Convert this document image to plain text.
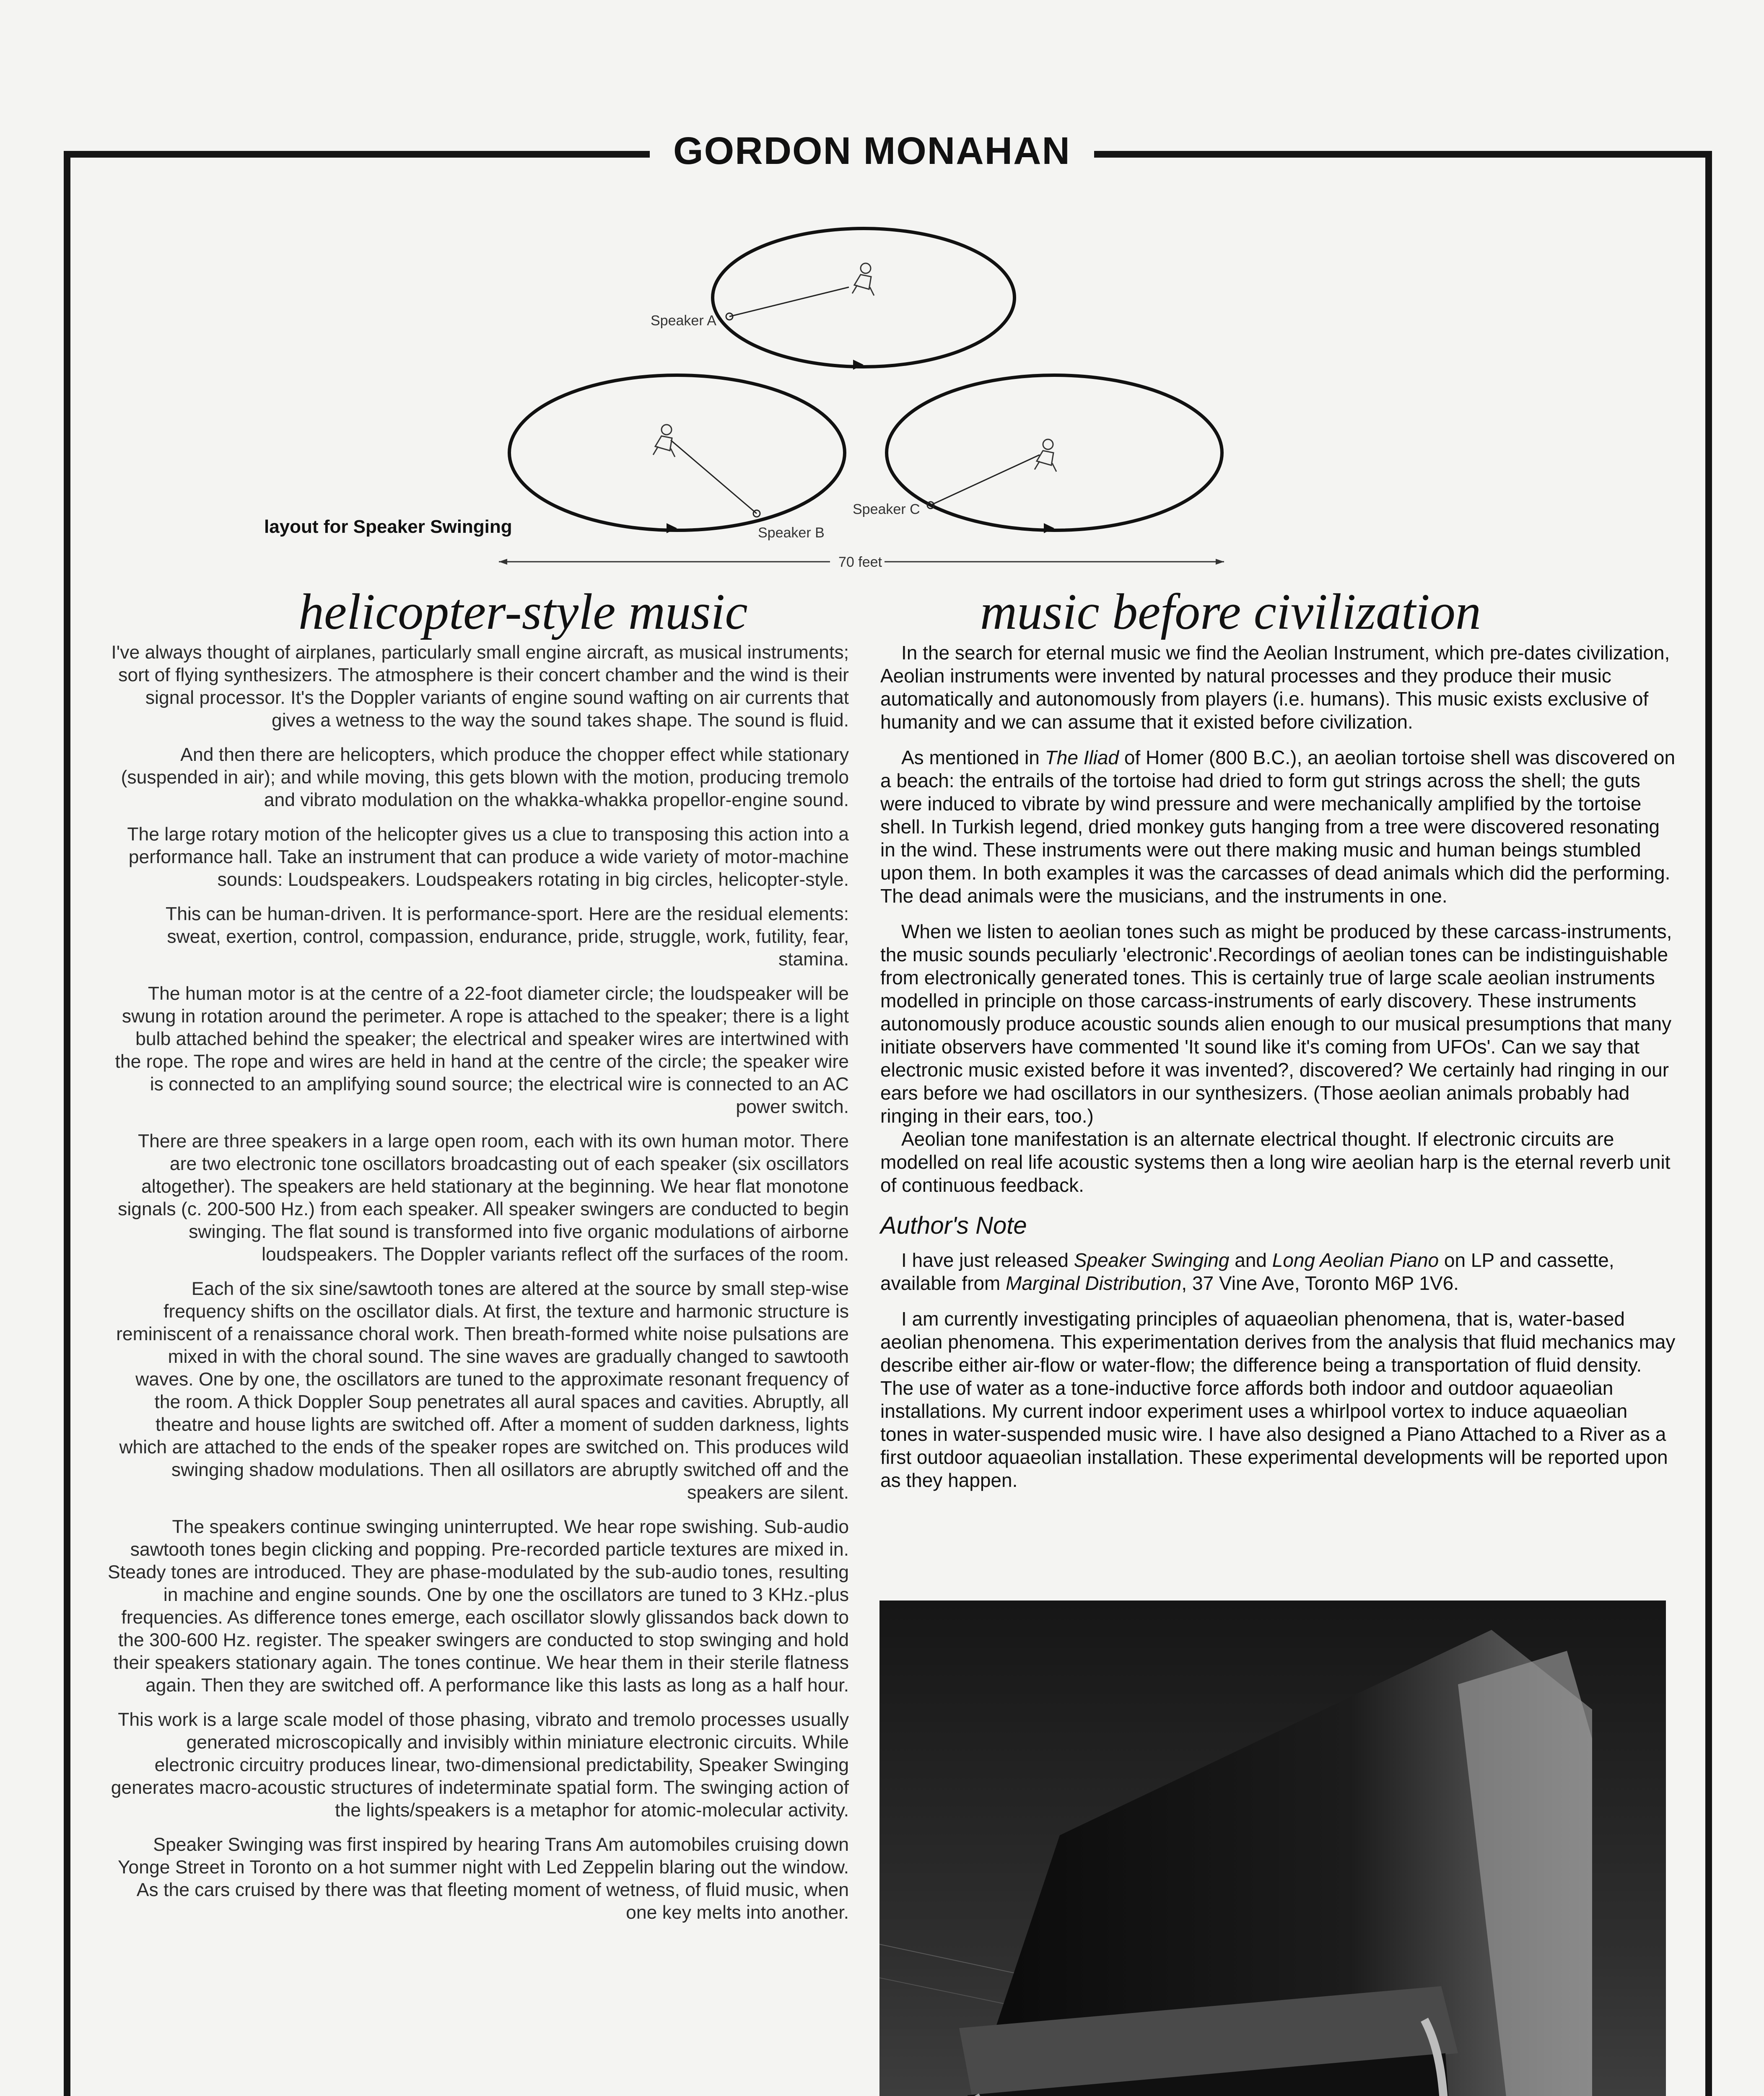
GORDON MONAHAN
Speaker A
Speaker B
Speaker C
70 feet
layout for Speaker Swinging
helicopter-style music	music before civilization

I've always thought of airplanes, particularly small engine aircraft, as musical instruments; sort of flying synthesizers. The atmosphere is their concert chamber and the wind is their signal processor. It's the Doppler variants of engine sound wafting on air currents that gives a wetness to the way the sound takes shape. The sound is fluid.

And then there are helicopters, which produce the chopper effect while stationary (suspended in air); and while moving, this gets blown with the motion, producing tremolo and vibrato modulation on the whakka-whakka propellor-engine sound.

The large rotary motion of the helicopter gives us a clue to transposing this action into a performance hall. Take an instrument that can produce a wide variety of motor-machine sounds: Loudspeakers. Loudspeakers rotating in big circles, helicopter-style.

This can be human-driven. It is performance-sport. Here are the residual elements: sweat, exertion, control, compassion, endurance, pride, struggle, work, futility, fear, stamina.

The human motor is at the centre of a 22-foot diameter circle; the loudspeaker will be swung in rotation around the perimeter. A rope is attached to the speaker; there is a light bulb attached behind the speaker; the electrical and speaker wires are intertwined with the rope. The rope and wires are held in hand at the centre of the circle; the speaker wire is connected to an amplifying sound source; the electrical wire is connected to an AC power switch.

There are three speakers in a large open room, each with its own human motor. There are two electronic tone oscillators broadcasting out of each speaker (six oscillators altogether). The speakers are held stationary at the beginning. We hear flat monotone signals (c. 200-500 Hz.) from each speaker. All speaker swingers are conducted to begin swinging. The flat sound is transformed into five organic modulations of airborne loudspeakers. The Doppler variants reflect off the surfaces of the room.

Each of the six sine/sawtooth tones are altered at the source by small step-wise frequency shifts on the oscillator dials. At first, the texture and harmonic structure is reminiscent of a renaissance choral work. Then breath-formed white noise pulsations are mixed in with the choral sound. The sine waves are gradually changed to sawtooth waves. One by one, the oscillators are tuned to the approximate resonant frequency of the room. A thick Doppler Soup penetrates all aural spaces and cavities. Abruptly, all theatre and house lights are switched off. After a moment of sudden darkness, lights which are attached to the ends of the speaker ropes are switched on. This produces wild swinging shadow modulations. Then all osillators are abruptly switched off and the speakers are silent.

The speakers continue swinging uninterrupted. We hear rope swishing. Sub-audio sawtooth tones begin clicking and popping. Pre-recorded particle textures are mixed in. Steady tones are introduced. They are phase-modulated by the sub-audio tones, resulting in machine and engine sounds. One by one the oscillators are tuned to 3 KHz.-plus frequencies. As difference tones emerge, each oscillator slowly glissandos back down to the 300-600 Hz. register. The speaker swingers are conducted to stop swinging and hold their speakers stationary again. The tones continue. We hear them in their sterile flatness again. Then they are switched off. A performance like this lasts as long as a half hour.

This work is a large scale model of those phasing, vibrato and tremolo processes usually generated microscopically and invisibly within miniature electronic circuits. While electronic circuitry produces linear, two-dimensional predictability, Speaker Swinging generates macro-acoustic structures of indeterminate spatial form. The swinging action of the lights/speakers is a metaphor for atomic-molecular activity.

Speaker Swinging was first inspired by hearing Trans Am automobiles cruising down Yonge Street in Toronto on a hot summer night with Led Zeppelin blaring out the window. As the cars cruised by there was that fleeting moment of wetness, of fluid music, when one key melts into another.

In the search for eternal music we find the Aeolian Instrument, which pre-dates civilization, Aeolian instruments were invented by natural processes and they produce their music automatically and autonomously from players (i.e. humans). This music exists exclusive of humanity and we can assume that it existed before civilization.

As mentioned in The Iliad of Homer (800 B.C.), an aeolian tortoise shell was discovered on a beach: the entrails of the tortoise had dried to form gut strings across the shell; the guts were induced to vibrate by wind pressure and were mechanically amplified by the tortoise shell. In Turkish legend, dried monkey guts hanging from a tree were discovered resonating in the wind. These instruments were out there making music and human beings stumbled upon them. In both examples it was the carcasses of dead animals which did the performing. The dead animals were the musicians, and the instruments in one.

When we listen to aeolian tones such as might be produced by these carcass-instruments, the music sounds peculiarly 'electronic'.Recordings of aeolian tones can be indistinguishable from electronically generated tones. This is certainly true of large scale aeolian instruments modelled in principle on those carcass-instruments of early discovery. These instruments autonomously produce acoustic sounds alien enough to our musical presumptions that many initiate observers have commented 'It sound like it's coming from UFOs'. Can we say that electronic music existed before it was invented?, discovered? We certainly had ringing in our ears before we had oscillators in our synthesizers. (Those aeolian animals probably had ringing in their ears, too.)

Aeolian tone manifestation is an alternate electrical thought. If electronic circuits are modelled on real life acoustic systems then a long wire aeolian harp is the eternal reverb unit of continuous feedback.

Author's Note

I have just released Speaker Swinging and Long Aeolian Piano on LP and cassette, available from Marginal Distribution, 37 Vine Ave, Toronto M6P 1V6.

I am currently investigating principles of aquaeolian phenomena, that is, water-based aeolian phenomena. This experimentation derives from the analysis that fluid mechanics may describe either air-flow or water-flow; the difference being a transportation of fluid density. The use of water as a tone-inductive force affords both indoor and outdoor aquaeolian installations. My current indoor experiment uses a whirlpool vortex to induce aquaeolian tones in water-suspended music wire. I have also designed a Piano Attached to a River as a first outdoor aquaeolian installation. These experimental developments will be reported upon as they happen.
